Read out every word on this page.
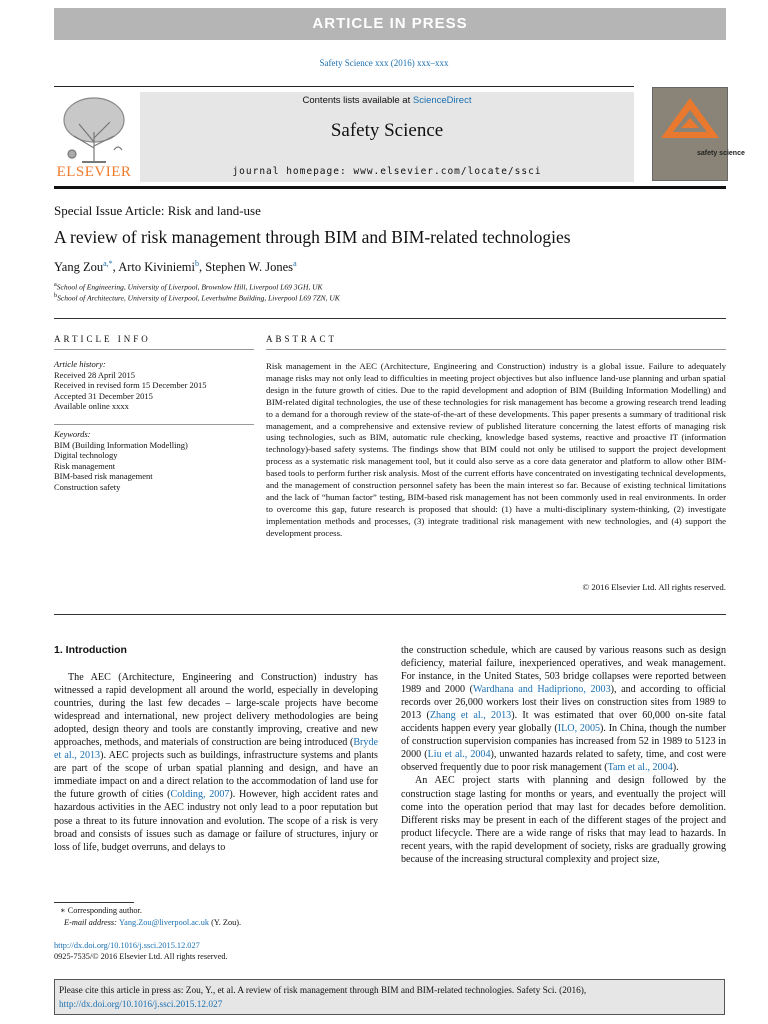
ARTICLE IN PRESS
Safety Science xxx (2016) xxx–xxx
ELSEVIER
Contents lists available at ScienceDirect
Safety Science
journal homepage: www.elsevier.com/locate/ssci
safety science
Special Issue Article: Risk and land-use
A review of risk management through BIM and BIM-related technologies
Yang Zou$^{a,*}$, Arto Kiviniemi$^b$, Stephen W. Jones$^a$
$^a$School of Engineering, University of Liverpool, Brownlow Hill, Liverpool L69 3GH, UK
$^b$School of Architecture, University of Liverpool, Leverhulme Building, Liverpool L69 7ZN, UK
ARTICLE INFO
Article history:
Received 28 April 2015
Received in revised form 15 December 2015
Accepted 31 December 2015
Available online xxxx
Keywords:
BIM (Building Information Modelling)
Digital technology
Risk management
BIM-based risk management
Construction safety
ABSTRACT
Risk management in the AEC (Architecture, Engineering and Construction) industry is a global issue. Failure to adequately manage risks may not only lead to difficulties in meeting project objectives but also influence land-use planning and urban spatial design in the future growth of cities. Due to the rapid development and adoption of BIM (Building Information Modelling) and BIM-related digital technologies, the use of these technologies for risk management has become a growing research trend leading to a demand for a thorough review of the state-of-the-art of these developments. This paper presents a summary of traditional risk management, and a comprehensive and extensive review of published literature concerning the latest efforts of managing risk using technologies, such as BIM, automatic rule checking, knowledge based systems, reactive and proactive IT (information technology)-based safety systems. The findings show that BIM could not only be utilised to support the project development process as a systematic risk management tool, but it could also serve as a core data generator and platform to allow other BIM-based tools to perform further risk analysis. Most of the current efforts have concentrated on investigating technical developments, and the management of construction personnel safety has been the main interest so far. Because of existing technical limitations and the lack of “human factor” testing, BIM-based risk management has not been commonly used in real environments. In order to overcome this gap, future research is proposed that should: (1) have a multi-disciplinary system-thinking, (2) investigate implementation methods and processes, (3) integrate traditional risk management with new technologies, and (4) support the development process.
© 2016 Elsevier Ltd. All rights reserved.
1. Introduction

The AEC (Architecture, Engineering and Construction) industry has witnessed a rapid development all around the world, especially in developing countries, during the last few decades – large-scale projects have become widespread and international, new project delivery methodologies are being adopted, design theory and tools are constantly improving, creative and new approaches, methods, and materials of construction are being introduced (Bryde et al., 2013). AEC projects such as buildings, infrastructure systems and plants are part of the scope of urban spatial planning and design, and have an immediate impact on and a direct relation to the accommodation of land use for the future growth of cities (Colding, 2007). However, high accident rates and hazardous activities in the AEC industry not only lead to a poor reputation but pose a threat to its future innovation and evolution. The scope of a risk is very broad and consists of issues such as damage or failure of structures, injury or loss of life, budget overruns, and delays to

the construction schedule, which are caused by various reasons such as design deficiency, material failure, inexperienced operatives, and weak management. For instance, in the United States, 503 bridge collapses were reported between 1989 and 2000 (Wardhana and Hadipriono, 2003), and according to official records over 26,000 workers lost their lives on construction sites from 1989 to 2013 (Zhang et al., 2013). It was estimated that over 60,000 on-site fatal accidents happen every year globally (ILO, 2005). In China, though the number of construction supervision companies has increased from 52 in 1989 to 5123 in 2000 (Liu et al., 2004), unwanted hazards related to safety, time, and cost were observed frequently due to poor risk management (Tam et al., 2004).

An AEC project starts with planning and design followed by the construction stage lasting for months or years, and eventually the project will come into the operation period that may last for decades before demolition. Different risks may be present in each of the different stages of the project and product lifecycle. There are a wide range of risks that may lead to hazards. In recent years, with the rapid development of society, risks are gradually growing because of the increasing structural complexity and project size,

∗ Corresponding author.
E-mail address: Yang.Zou@liverpool.ac.uk (Y. Zou).
http://dx.doi.org/10.1016/j.ssci.2015.12.027
0925-7535/© 2016 Elsevier Ltd. All rights reserved.
Please cite this article in press as: Zou, Y., et al. A review of risk management through BIM and BIM-related technologies. Safety Sci. (2016), http://dx.doi.org/10.1016/j.ssci.2015.12.027
